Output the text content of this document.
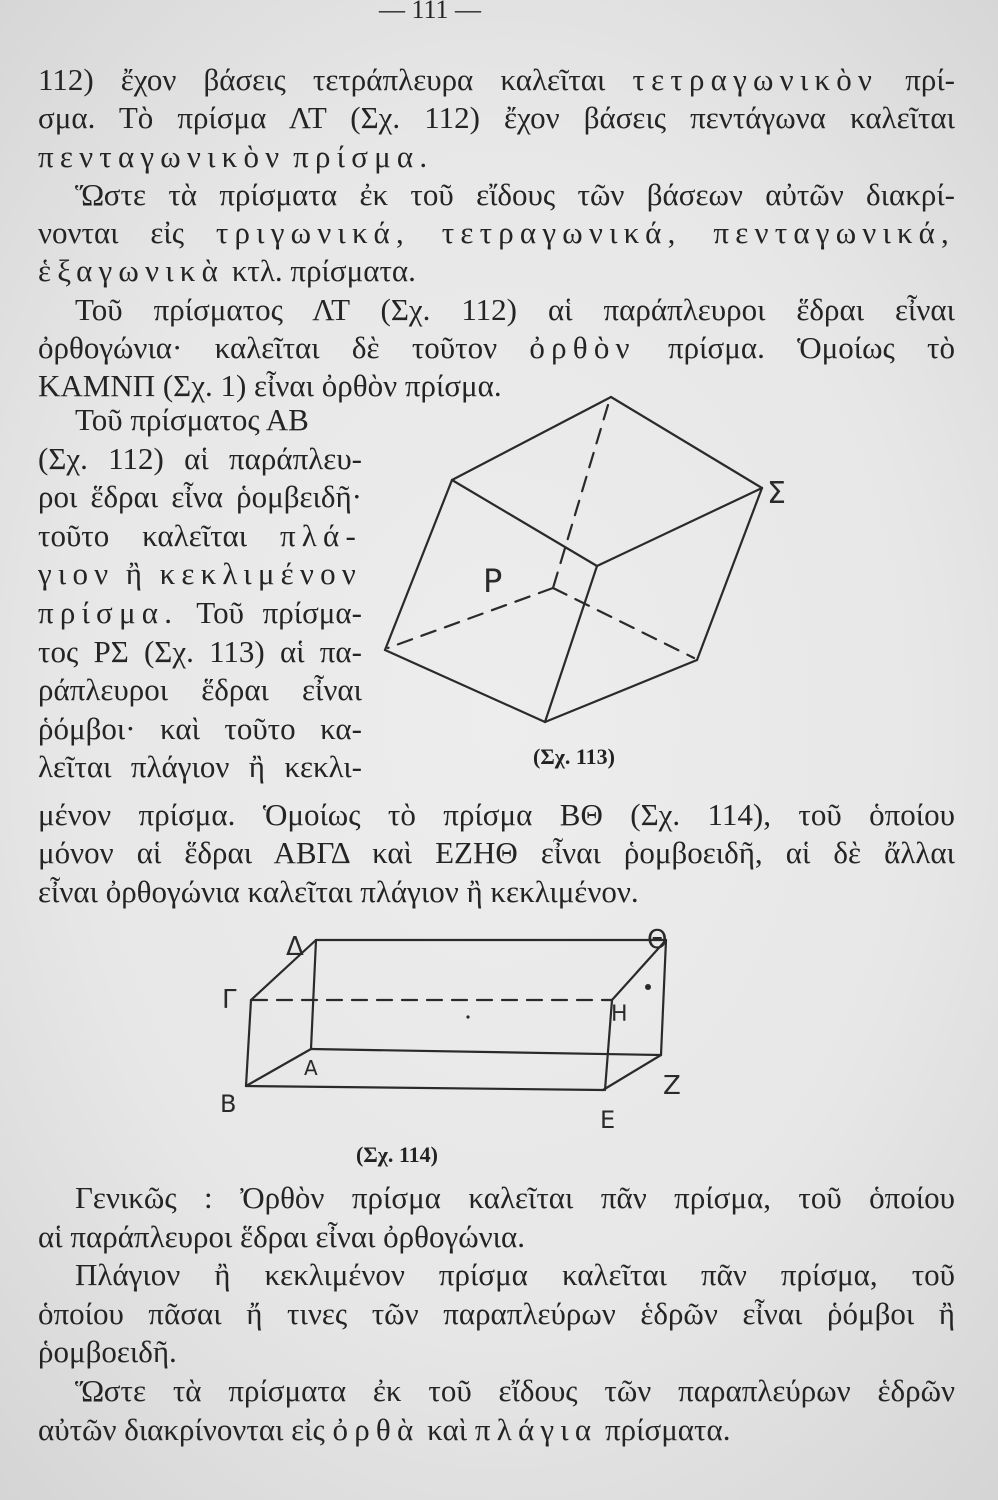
— 111 —
112) ἔχον βάσεις τετράπλευρα καλεῖται τετραγωνικὸν πρί-
σμα. Τὸ πρίσμα ΛΤ (Σχ. 112) ἔχον βάσεις πεντάγωνα καλεῖται
πενταγωνικὸν πρίσμα.
Ὥστε τὰ πρίσματα ἐκ τοῦ εἴδους τῶν βάσεων αὐτῶν διακρί-
νονται εἰς τριγωνικά, τετραγωνικά, πενταγωνικά,
ἑξαγωνικὰ κτλ. πρίσματα.
Τοῦ πρίσματος ΛΤ (Σχ. 112) αἱ παράπλευροι ἕδραι εἶναι
ὀρθογώνια· καλεῖται δὲ τοῦτον ὀρθὸν πρίσμα. Ὁμοίως τὸ
ΚΑΜΝΠ (Σχ. 1) εἶναι ὀρθὸν πρίσμα.
Τοῦ πρίσματος ΑΒ
(Σχ. 112) αἱ παράπλευ-
ροι ἕδραι εἶνα ῥομβειδῆ·
τοῦτο καλεῖται πλά-
γιον ἢ κεκλιμένον
πρίσμα. Τοῦ πρίσμα-
τος ΡΣ (Σχ. 113) αἱ πα-
ράπλευροι ἕδραι εἶναι
ῥόμβοι· καὶ τοῦτο κα-
λεῖται πλάγιον ἢ κεκλι-
μένον πρίσμα. Ὁμοίως τὸ πρίσμα ΒΘ (Σχ. 114), τοῦ ὁποίου
μόνον αἱ ἕδραι ΑΒΓΔ καὶ ΕΖΗΘ εἶναι ῥομβοειδῆ, αἱ δὲ ἄλλαι
εἶναι ὀρθογώνια καλεῖται πλάγιον ἢ κεκλιμένον.
Γενικῶς : Ὀρθὸν πρίσμα καλεῖται πᾶν πρίσμα, τοῦ ὁποίου
αἱ παράπλευροι ἕδραι εἶναι ὀρθογώνια.
Πλάγιον ἢ κεκλιμένον πρίσμα καλεῖται πᾶν πρίσμα, τοῦ
ὁποίου πᾶσαι ἤ τινες τῶν παραπλεύρων ἑδρῶν εἶναι ῥόμβοι ἢ
ῥομβοειδῆ.
Ὥστε τὰ πρίσματα ἐκ τοῦ εἴδους τῶν παραπλεύρων ἑδρῶν
αὐτῶν διακρίνονται εἰς ὀρθὰ καὶ πλάγια πρίσματα.
Ρ
Σ
(Σχ. 113)
Δ	Θ
Γ	Η
Α
Β
Ζ
Ε
(Σχ. 114)
